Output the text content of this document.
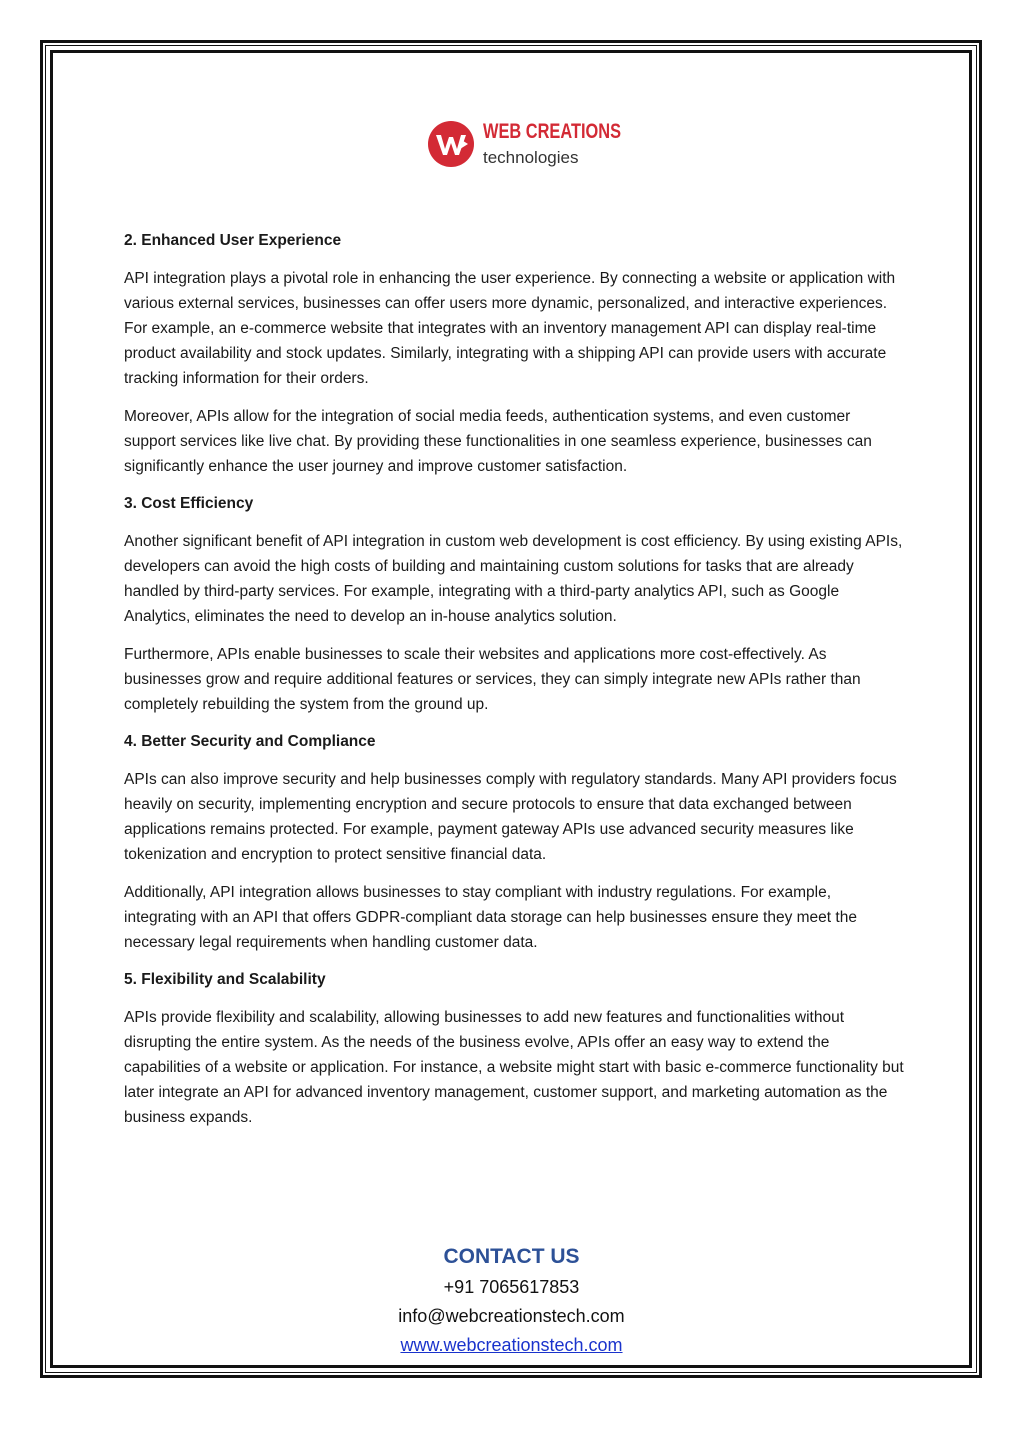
WEB CREATIONS
technologies
2. Enhanced User Experience

API integration plays a pivotal role in enhancing the user experience. By connecting a website or application with various external services, businesses can offer users more dynamic, personalized, and interactive experiences. For example, an e-commerce website that integrates with an inventory management API can display real-time product availability and stock updates. Similarly, integrating with a shipping API can provide users with accurate tracking information for their orders.

Moreover, APIs allow for the integration of social media feeds, authentication systems, and even customer support services like live chat. By providing these functionalities in one seamless experience, businesses can significantly enhance the user journey and improve customer satisfaction.

3. Cost Efficiency

Another significant benefit of API integration in custom web development is cost efficiency. By using existing APIs, developers can avoid the high costs of building and maintaining custom solutions for tasks that are already handled by third-party services. For example, integrating with a third-party analytics API, such as Google Analytics, eliminates the need to develop an in-house analytics solution.

Furthermore, APIs enable businesses to scale their websites and applications more cost-effectively. As businesses grow and require additional features or services, they can simply integrate new APIs rather than completely rebuilding the system from the ground up.

4. Better Security and Compliance

APIs can also improve security and help businesses comply with regulatory standards. Many API providers focus heavily on security, implementing encryption and secure protocols to ensure that data exchanged between applications remains protected. For example, payment gateway APIs use advanced security measures like tokenization and encryption to protect sensitive financial data.

Additionally, API integration allows businesses to stay compliant with industry regulations. For example, integrating with an API that offers GDPR-compliant data storage can help businesses ensure they meet the necessary legal requirements when handling customer data.

5. Flexibility and Scalability

APIs provide flexibility and scalability, allowing businesses to add new features and functionalities without disrupting the entire system. As the needs of the business evolve, APIs offer an easy way to extend the capabilities of a website or application. For instance, a website might start with basic e-commerce functionality but later integrate an API for advanced inventory management, customer support, and marketing automation as the business expands.

CONTACT US
+91 7065617853
info@webcreationstech.com
www.webcreationstech.com
